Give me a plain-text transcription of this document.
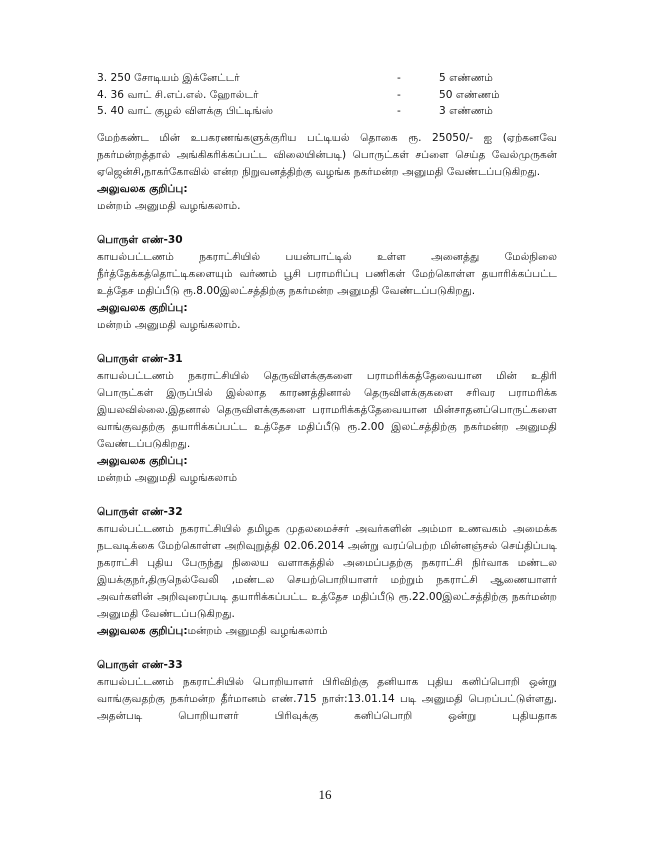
3. 250 சோடியம் இக்னேட்டர்	-	5 எண்ணம்
4. 36 வாட் சி.எப்.எல். ஹோல்டர்	-	50 எண்ணம்
5. 40 வாட் குழல் விளக்கு பிட்டிங்ஸ்	-	3 எண்ணம்

மேற்கண்ட மின் உபகரணங்களுக்குரிய பட்டியல் தொகை ரூ. 25050/- ஐ (ஏற்கனவே நகர்மன்றத்தால் அங்கிகரிக்கப்பட்ட விலையின்படி) பொருட்கள் சப்ளை செய்த வேல்முருகன் ஏஜென்சி,நாகர்கோவில் என்ற நிறுவனத்திற்கு வழங்க நகர்மன்ற அனுமதி வேண்டப்படுகிறது.

அலுவலக குறிப்பு:

மன்றம் அனுமதி வழங்கலாம்.

பொருள் எண்-30

காயல்பட்டணம் நகராட்சியில் பயன்பாட்டில் உள்ள அனைத்து மேல்நிலை நீர்த்தேக்கத்தொட்டிகளையும் வர்ணம் பூசி பராமரிப்பு பணிகள் மேற்கொள்ள தயாரிக்கப்பட்ட உத்தேச மதிப்பீடு ரூ.8.00இலட்சத்திற்கு நகர்மன்ற அனுமதி வேண்டப்படுகிறது.

அலுவலக குறிப்பு:

மன்றம் அனுமதி வழங்கலாம்.

பொருள் எண்-31

காயல்பட்டணம் நகராட்சியில் தெருவிளக்குகளை பராமரிக்கத்தேவையான மின் உதிரி பொருட்கள் இருப்பில் இல்லாத காரணத்தினால் தெருவிளக்குகளை சரிவர பராமரிக்க இயலவில்லை.இதனால் தெருவிளக்குகளை பராமரிக்கத்தேவையான மின்சாதனப்பொருட்களை வாங்குவதற்கு தயாரிக்கப்பட்ட உத்தேச மதிப்பீடு ரூ.2.00 இலட்சத்திற்கு நகர்மன்ற அனுமதி வேண்டப்படுகிறது.

அலுவலக குறிப்பு:

மன்றம் அனுமதி வழங்கலாம்

பொருள் எண்-32

காயல்பட்டணம் நகராட்சியில் தமிழக முதலமைச்சர் அவர்களின் அம்மா உணவகம் அமைக்க நடவடிக்கை மேற்கொள்ள அறிவுறுத்தி 02.06.2014 அன்று வரப்பெற்ற மின்னஞ்சல் செய்திப்படி நகராட்சி புதிய பேருந்து நிலைய வளாகத்தில் அமைப்பதற்கு நகராட்சி நிர்வாக மண்டல இயக்குநர்,திருநெல்வேலி ,மண்டல செயற்பொறியாளர் மற்றும் நகராட்சி ஆணையாளர் அவர்களின் அறிவுரைப்படி தயாரிக்கப்பட்ட உத்தேச மதிப்பீடு ரூ.22.00இலட்சத்திற்கு நகர்மன்ற அனுமதி வேண்டப்படுகிறது.

அலுவலக குறிப்பு:மன்றம் அனுமதி வழங்கலாம்

பொருள் எண்-33

காயல்பட்டணம் நகராட்சியில் பொறியாளர் பிரிவிற்கு தனியாக புதிய கனிப்பொறி ஒன்று வாங்குவதற்கு நகர்மன்ற தீர்மானம் எண்.715 நாள்:13.01.14 படி அனுமதி பெறப்பட்டுள்ளது. அதன்படி பொறியாளர் பிரிவுக்கு கனிப்பொறி ஒன்று புதியதாக

16
